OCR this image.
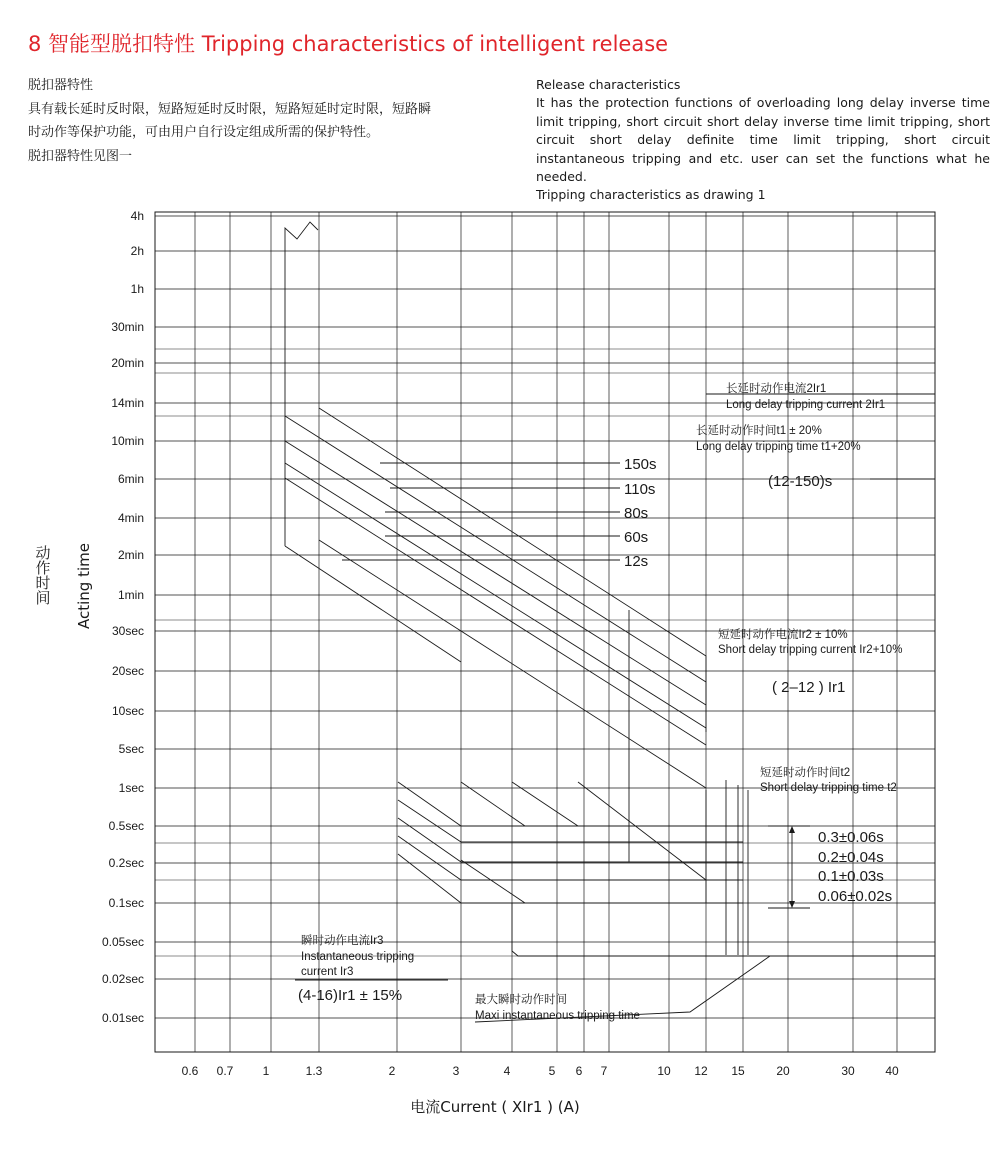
8 智能型脱扣特性 Tripping characteristics of intelligent release
脱扣器特性
具有载长延时反时限，短路短延时反时限，短路短延时定时限，短路瞬
时动作等保护功能，可由用户自行设定组成所需的保护特性。
脱扣器特性见图一
Release characteristics
It has the protection functions of overloading long delay inverse time limit tripping, short circuit short delay inverse time limit tripping, short circuit short delay definite time limit tripping, short circuit instantaneous tripping and etc. user can set the functions what he needed.
Tripping characteristics as drawing 1
0.6 0.7 1	1.3	2	3	4	5 6 7	10 12 15	20	30	40
4h
2h
1h
30min
20min
14min
10min
6min
4min
2min
1min
30sec
20sec
10sec
5sec
1sec
0.5sec
0.2sec
0.1sec
0.05sec
0.02sec
0.01sec
150s
110s
80s
60s
12s
长延时动作电流2Ir1
Long delay tripping current 2Ir1
长延时动作时间t1 ± 20%
Long delay tripping time t1+20%
(12-150)s
短延时动作电流Ir2 ± 10%
Short delay tripping current Ir2+10%
( 2–12 ) Ir1
短延时动作时间t2
Short delay tripping time t2
0.3±0.06s
0.2±0.04s
0.1±0.03s
0.06±0.02s
瞬时动作电流Ir3
Instantaneous tripping
current Ir3
(4-16)Ir1 ± 15%	最大瞬时动作时间
Maxi instantaneous tripping time
动作时间 Acting time
电流Current ( XIr1 ) (A)
